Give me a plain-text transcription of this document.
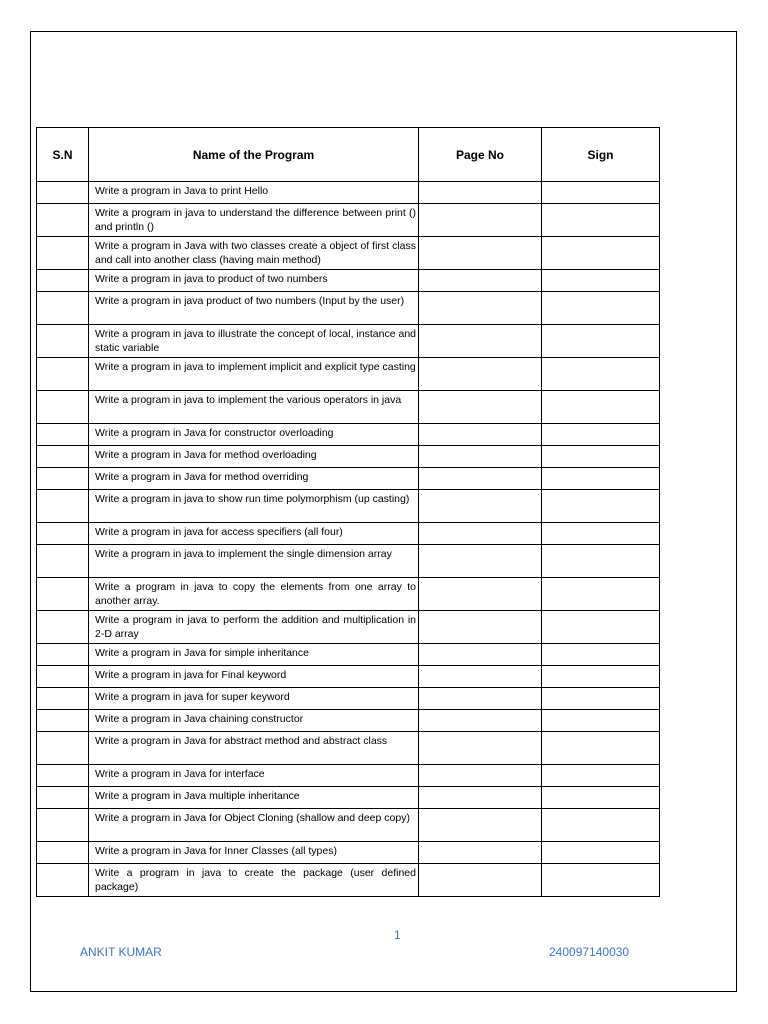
S.N	Name of the Program	Page No	Sign
	Write a program in Java to print Hello		
	Write a program in java to understand the difference between print () and println ()		
	Write a program in Java with two classes create a object of first class and call into another class (having main method)		
	Write a program in java to product of two numbers		
	Write a program in java product of two numbers (Input by the user)		
	Write a program in java to illustrate the concept of local, instance and static variable		
	Write a program in java to implement implicit and explicit type casting		
	Write a program in java to implement the various operators in java		
	Write a program in Java for constructor overloading		
	Write a program in Java for method overloading		
	Write a program in Java for method overriding		
	Write a program in java to show run time polymorphism (up casting)		
	Write a program in java for access specifiers (all four)		
	Write a program in java to implement the single dimension array		
	Write a program in java to copy the elements from one array to another array.		
	Write a program in java to perform the addition and multiplication in 2-D array		
	Write a program in Java for simple inheritance		
	Write a program in java for Final keyword		
	Write a program in java for super keyword		
	Write a program in Java chaining constructor		
	Write a program in Java for abstract method and abstract class		
	Write a program in Java for interface		
	Write a program in Java multiple inheritance		
	Write a program in Java for Object Cloning (shallow and deep copy)		
	Write a program in Java for Inner Classes (all types)		
	Write a program in java to create the package (user defined package)		
1
ANKIT KUMAR	240097140030
